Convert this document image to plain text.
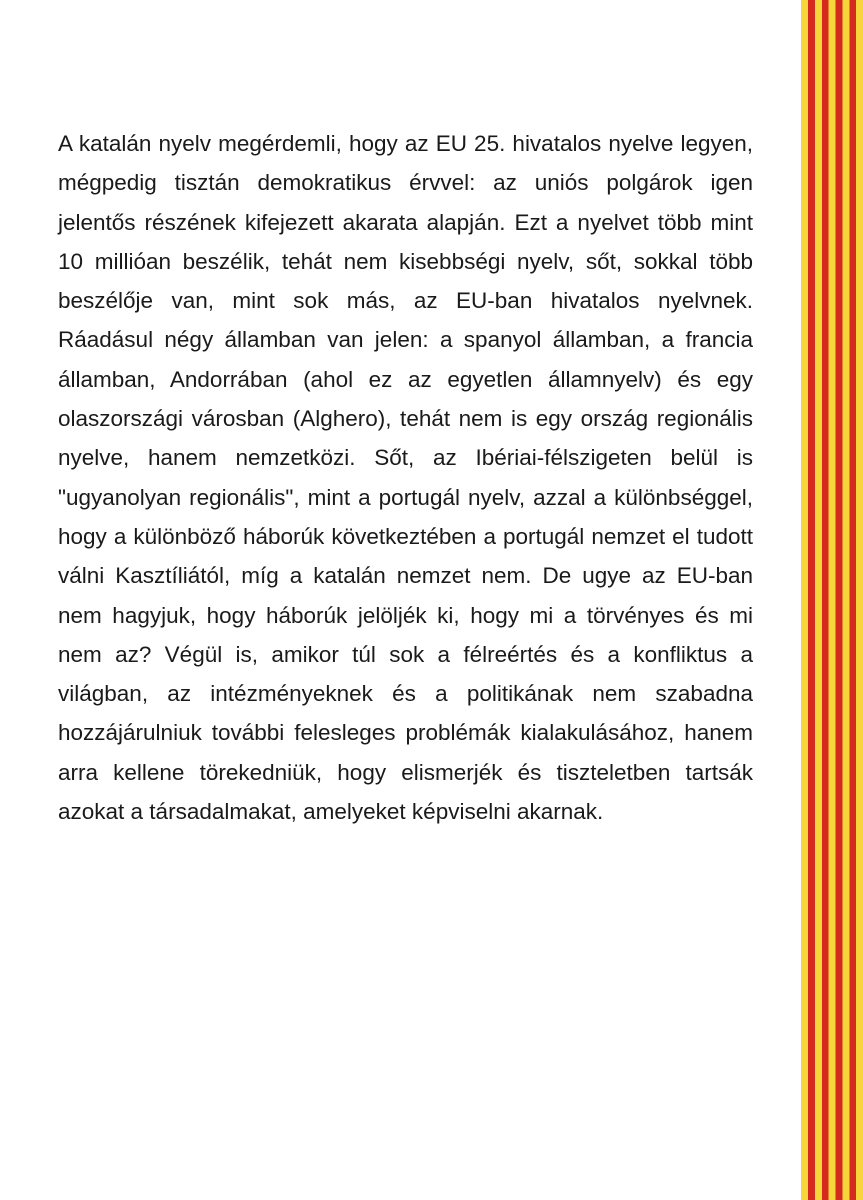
A katalán nyelv megérdemli, hogy az EU 25. hivatalos nyelve legyen, mégpedig tisztán demokratikus érvvel: az uniós polgárok igen jelentős részének kifejezett akarata alapján. Ezt a nyelvet több mint 10 millióan beszélik, tehát nem kisebbségi nyelv, sőt, sokkal több beszélője van, mint sok más, az EU-ban hivatalos nyelvnek. Ráadásul négy államban van jelen: a spanyol államban, a francia államban, Andorrában (ahol ez az egyetlen államnyelv) és egy olaszországi városban (Alghero), tehát nem is egy ország regionális nyelve, hanem nemzetközi. Sőt, az Ibériai-félszigeten belül is "ugyanolyan regionális", mint a portugál nyelv, azzal a különbséggel, hogy a különböző háborúk következtében a portugál nemzet el tudott válni Kasztíliától, míg a katalán nemzet nem. De ugye az EU-ban nem hagyjuk, hogy háborúk jelöljék ki, hogy mi a törvényes és mi nem az? Végül is, amikor túl sok a félreértés és a konfliktus a világban, az intézményeknek és a politikának nem szabadna hozzájárulniuk további felesleges problémák kialakulásához, hanem arra kellene törekedniük, hogy elismerjék és tiszteletben tartsák azokat a társadalmakat, amelyeket képviselni akarnak.
